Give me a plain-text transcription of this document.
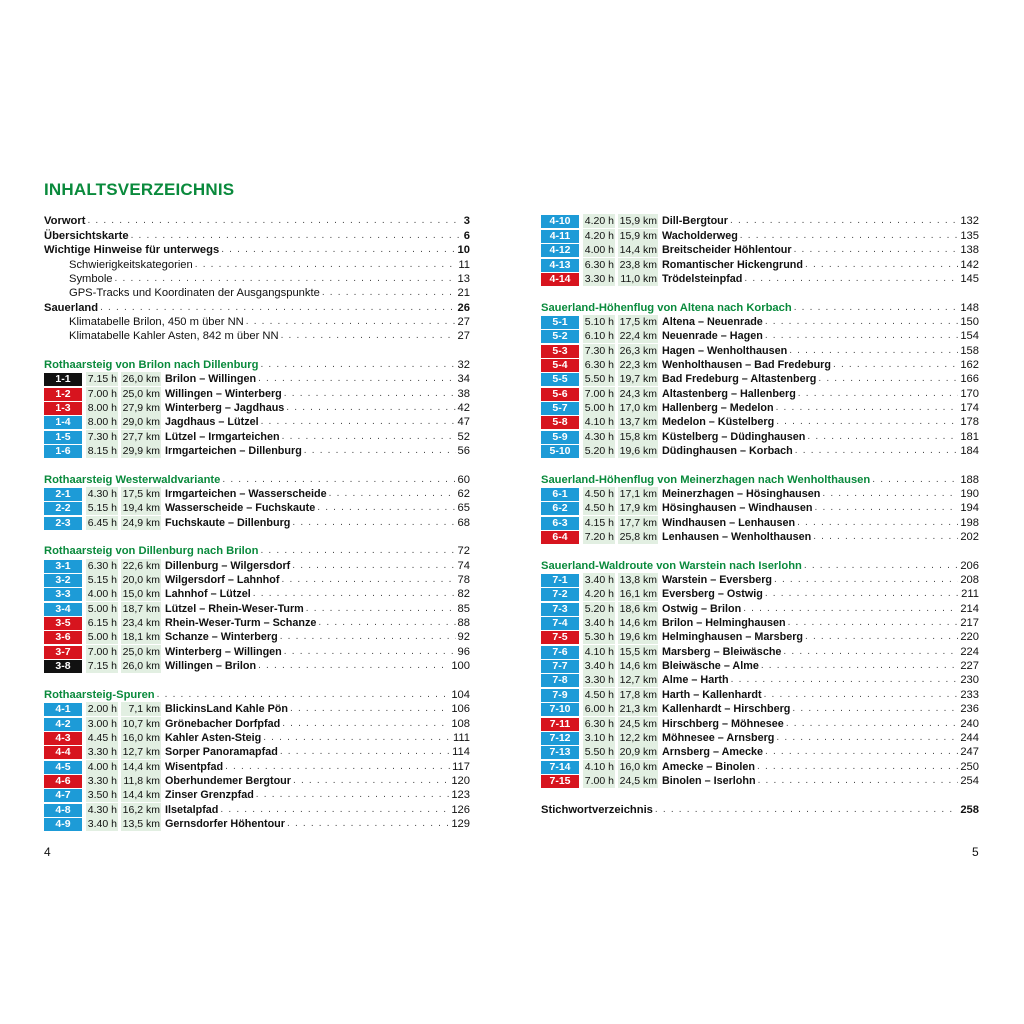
INHALTSVERZEICHNIS
Vorwort . . .	3
Übersichtskarte . . .	6
Wichtige Hinweise für unterwegs . . .	10
Schwierigkeitskategorien . . .	11
Symbole . . .	13
GPS-Tracks und Koordinaten der Ausgangspunkte . . .	21
Sauerland . . .	26
Klimatabelle Brilon, 450 m über NN . . .	27
Klimatabelle Kahler Asten, 842 m über NN . . .	27
Rothaarsteig von Brilon nach Dillenburg . . .	32
1-1	7.15 h 26,0 km Brilon – Willingen . . .	34
1-2	7.00 h 25,0 km Willingen – Winterberg . . .	38
1-3	8.00 h 27,9 km Winterberg – Jagdhaus . . .	42
1-4	8.00 h 29,0 km Jagdhaus – Lützel . . .	47
1-5	7.30 h 27,7 km Lützel – Irmgarteichen . . .	52
1-6	8.15 h 29,9 km Irmgarteichen – Dillenburg . . .	56
Rothaarsteig Westerwaldvariante . . .	60
2-1	4.30 h 17,5 km Irmgarteichen – Wasserscheide . . .	62
2-2	5.15 h 19,4 km Wasserscheide – Fuchskaute . . .	65
2-3	6.45 h 24,9 km Fuchskaute – Dillenburg . . .	68
Rothaarsteig von Dillenburg nach Brilon . . .	72
3-1	6.30 h 22,6 km Dillenburg – Wilgersdorf . . .	74
3-2	5.15 h 20,0 km Wilgersdorf – Lahnhof . . .	78
3-3	4.00 h 15,0 km Lahnhof – Lützel . . .	82
3-4	5.00 h 18,7 km Lützel – Rhein-Weser-Turm . . .	85
3-5	6.15 h 23,4 km Rhein-Weser-Turm – Schanze . . .	88
3-6	5.00 h 18,1 km Schanze – Winterberg . . .	92
3-7	7.00 h 25,0 km Winterberg – Willingen . . .	96
3-8	7.15 h 26,0 km Willingen – Brilon . . .	100
Rothaarsteig-Spuren . . .	104
4-1	2.00 h	7,1 km BlickinsLand Kahle Pön . . .	106
4-2	3.00 h 10,7 km Grönebacher Dorfpfad . . .	108
4-3	4.45 h 16,0 km Kahler Asten-Steig . . .	111
4-4	3.30 h 12,7 km Sorper Panoramapfad . . .	114
4-5	4.00 h 14,4 km Wisentpfad . . .	117
4-6	3.30 h 11,8 km Oberhundemer Bergtour . . .	120
4-7	3.50 h 14,4 km Zinser Grenzpfad . . .	123
4-8	4.30 h 16,2 km Ilsetalpfad . . .	126
4-9	3.40 h 13,5 km Gernsdorfer Höhentour . . .	129
4-10	4.20 h 15,9 km Dill-Bergtour . . .	132
4-11	4.20 h 15,9 km Wacholderweg . . .	135
4-12	4.00 h 14,4 km Breitscheider Höhlentour . . .	138
4-13	6.30 h 23,8 km Romantischer Hickengrund . . .	142
4-14	3.30 h 11,0 km Trödelsteinpfad . . .	145
Sauerland-Höhenflug von Altena nach Korbach . . .	148
5-1	5.10 h 17,5 km Altena – Neuenrade . . .	150
5-2	6.10 h 22,4 km Neuenrade – Hagen . . .	154
5-3	7.30 h 26,3 km Hagen – Wenholthausen . . .	158
5-4	6.30 h 22,3 km Wenholthausen – Bad Fredeburg . . .	162
5-5	5.50 h 19,7 km Bad Fredeburg – Altastenberg . . .	166
5-6	7.00 h 24,3 km Altastenberg – Hallenberg . . .	170
5-7	5.00 h 17,0 km Hallenberg – Medelon . . .	174
5-8	4.10 h 13,7 km Medelon – Küstelberg . . .	178
5-9	4.30 h 15,8 km Küstelberg – Düdinghausen . . .	181
5-10	5.20 h 19,6 km Düdinghausen – Korbach . . .	184
Sauerland-Höhenflug von Meinerzhagen nach Wenholthausen . . .	188
6-1	4.50 h 17,1 km Meinerzhagen – Hösinghausen . . .	190
6-2	4.50 h 17,9 km Hösinghausen – Windhausen . . .	194
6-3	4.15 h 17,7 km Windhausen – Lenhausen . . .	198
6-4	7.20 h 25,8 km Lenhausen – Wenholthausen . . .	202
Sauerland-Waldroute von Warstein nach Iserlohn . . .	206
7-1	3.40 h 13,8 km Warstein – Eversberg . . .	208
7-2	4.20 h 16,1 km Eversberg – Ostwig . . .	211
7-3	5.20 h 18,6 km Ostwig – Brilon . . .	214
7-4	3.40 h 14,6 km Brilon – Helminghausen . . .	217
7-5	5.30 h 19,6 km Helminghausen – Marsberg . . .	220
7-6	4.10 h 15,5 km Marsberg – Bleiwäsche . . .	224
7-7	3.40 h 14,6 km Bleiwäsche – Alme . . .	227
7-8	3.30 h 12,7 km Alme – Harth . . .	230
7-9	4.50 h 17,8 km Harth – Kallenhardt . . .	233
7-10	6.00 h 21,3 km Kallenhardt – Hirschberg . . .	236
7-11	6.30 h 24,5 km Hirschberg – Möhnesee . . .	240
7-12	3.10 h 12,2 km Möhnesee – Arnsberg . . .	244
7-13	5.50 h 20,9 km Arnsberg – Amecke . . .	247
7-14	4.10 h 16,0 km Amecke – Binolen . . .	250
7-15	7.00 h 24,5 km Binolen – Iserlohn . . .	254
Stichwortverzeichnis . . .	258
4	5
